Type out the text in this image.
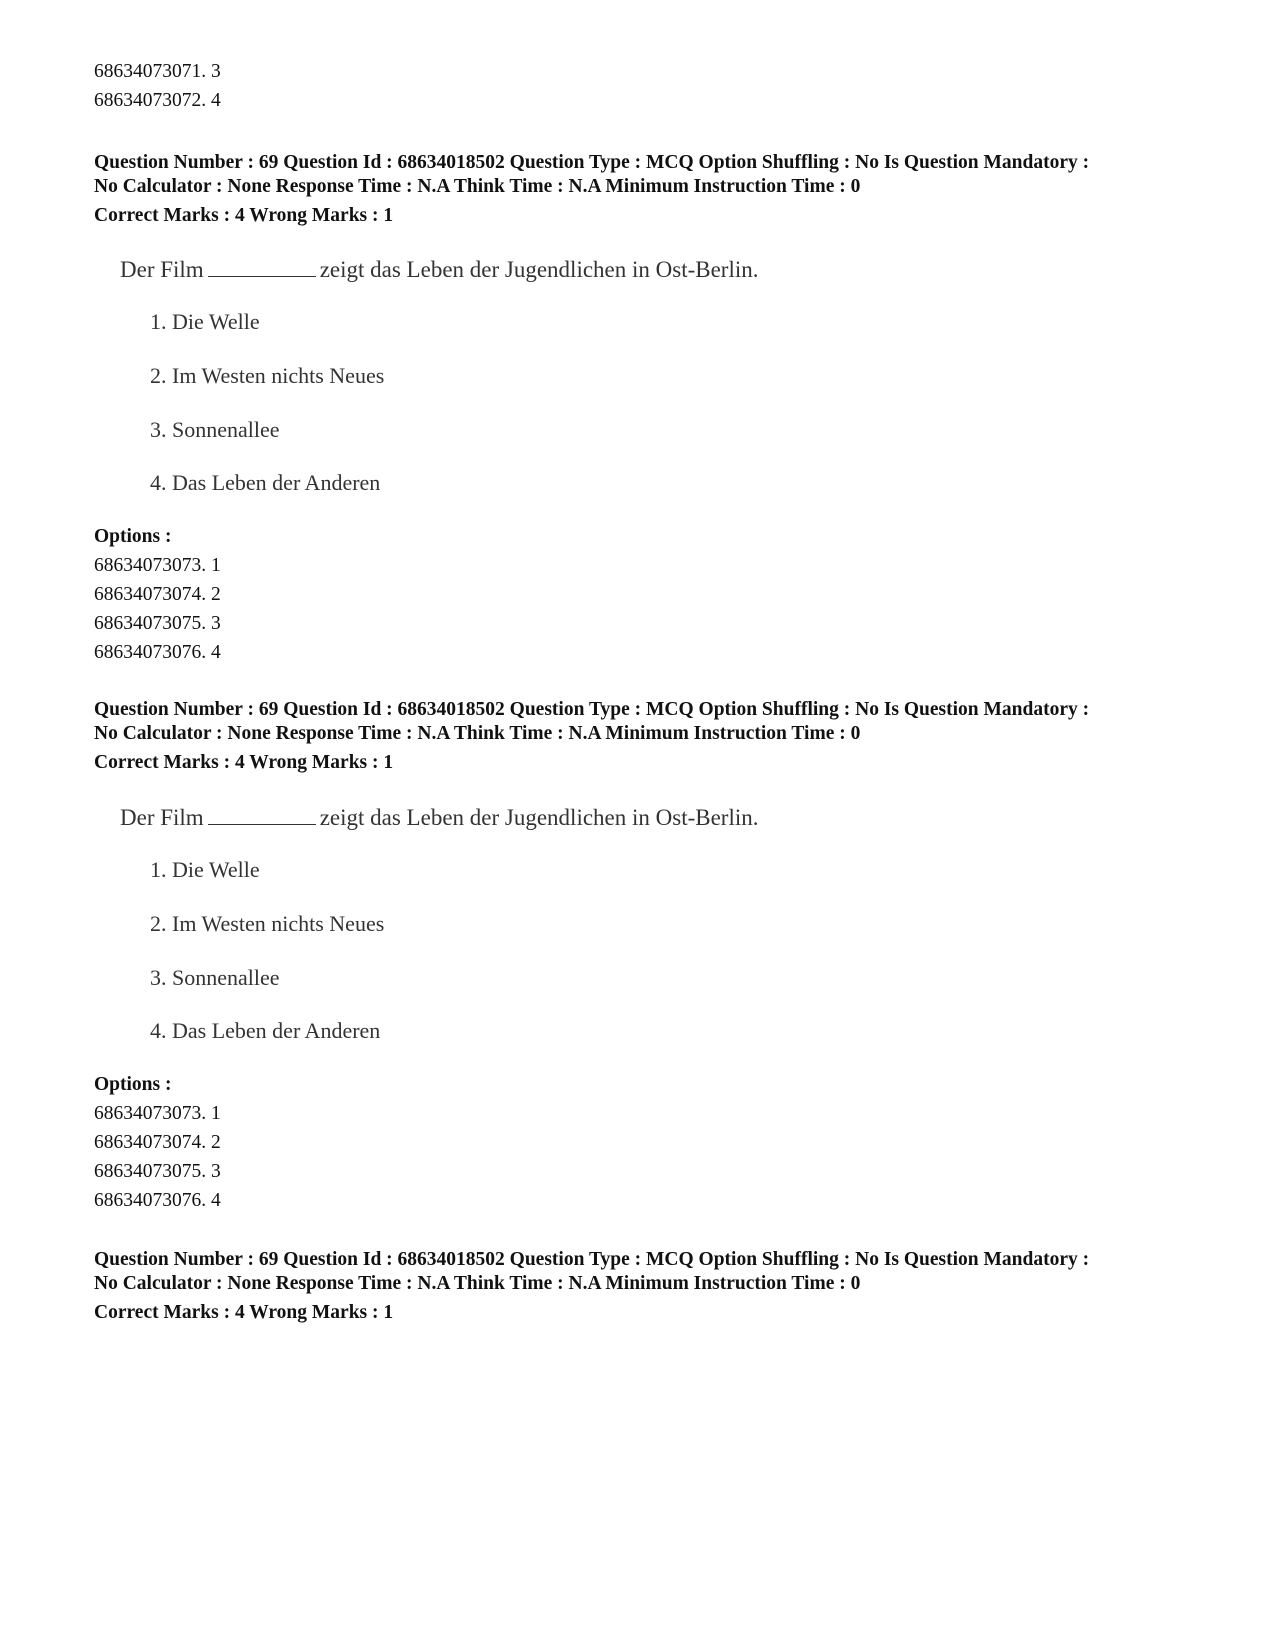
68634073071. 3
68634073072. 4
Question Number : 69 Question Id : 68634018502 Question Type : MCQ Option Shuffling : No Is Question Mandatory :
No Calculator : None Response Time : N.A Think Time : N.A Minimum Instruction Time : 0
Correct Marks : 4 Wrong Marks : 1
Der Film	zeigt das Leben der Jugendlichen in Ost-Berlin.
1. Die Welle
2. Im Westen nichts Neues
3. Sonnenallee
4. Das Leben der Anderen
Options :
68634073073. 1
68634073074. 2
68634073075. 3
68634073076. 4
Question Number : 69 Question Id : 68634018502 Question Type : MCQ Option Shuffling : No Is Question Mandatory :
No Calculator : None Response Time : N.A Think Time : N.A Minimum Instruction Time : 0
Correct Marks : 4 Wrong Marks : 1
Der Film	zeigt das Leben der Jugendlichen in Ost-Berlin.
1. Die Welle
2. Im Westen nichts Neues
3. Sonnenallee
4. Das Leben der Anderen
Options :
68634073073. 1
68634073074. 2
68634073075. 3
68634073076. 4
Question Number : 69 Question Id : 68634018502 Question Type : MCQ Option Shuffling : No Is Question Mandatory :
No Calculator : None Response Time : N.A Think Time : N.A Minimum Instruction Time : 0
Correct Marks : 4 Wrong Marks : 1
